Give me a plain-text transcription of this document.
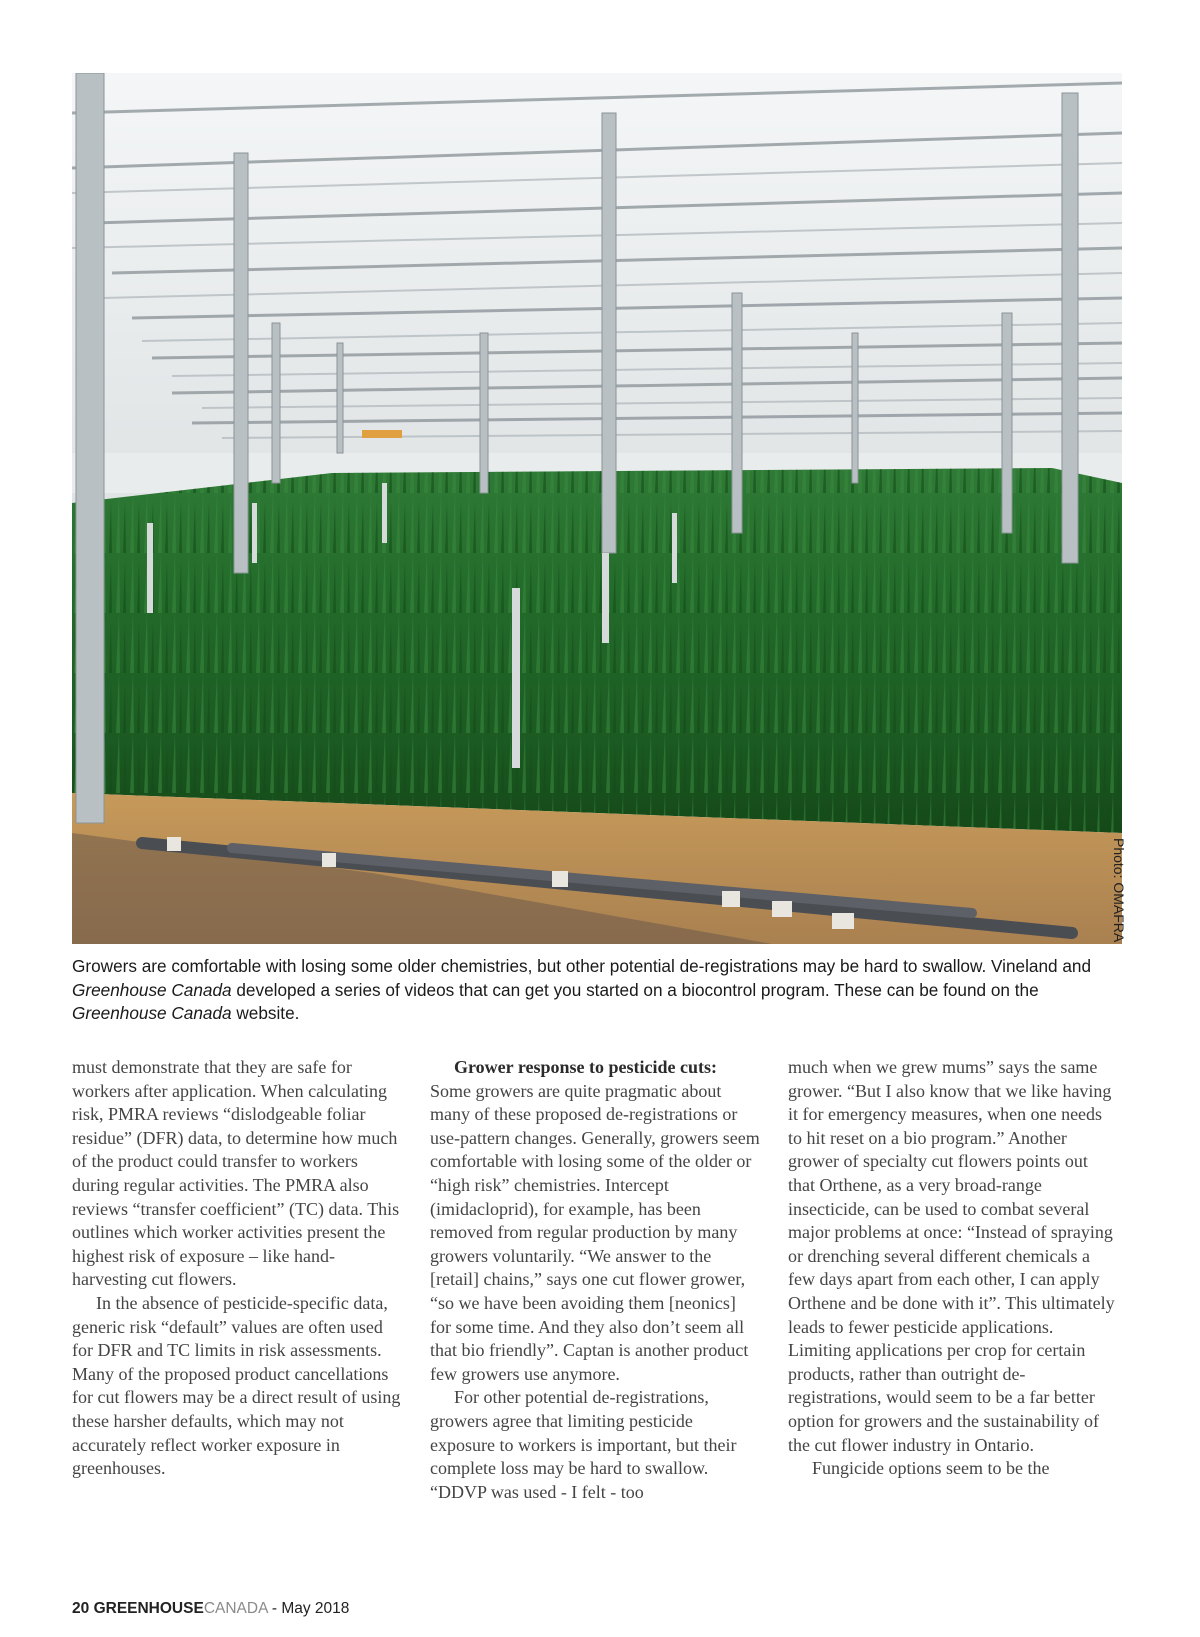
Photo: OMAFRA

Growers are comfortable with losing some older chemistries, but other potential de-registrations may be hard to swallow. Vineland and Greenhouse Canada developed a series of videos that can get you started on a biocontrol program. These can be found on the Greenhouse Canada website.

must demonstrate that they are safe for workers after application. When calculating risk, PMRA reviews “dislodgeable foliar residue” (DFR) data, to determine how much of the product could transfer to workers during regular activities. The PMRA also reviews “transfer coefficient” (TC) data. This outlines which worker activities present the highest risk of exposure – like hand-harvesting cut flowers.

In the absence of pesticide-specific data, generic risk “default” values are often used for DFR and TC limits in risk assessments. Many of the proposed product cancellations for cut flowers may be a direct result of using these harsher defaults, which may not accurately reflect worker exposure in greenhouses.

Grower response to pesticide cuts: Some growers are quite pragmatic about many of these proposed de-registrations or use-pattern changes. Generally, growers seem comfortable with losing some of the older or “high risk” chemistries. Intercept (imidacloprid), for example, has been removed from regular production by many growers voluntarily. “We answer to the [retail] chains,” says one cut flower grower, “so we have been avoiding them [neonics] for some time. And they also don’t seem all that bio friendly”. Captan is another product few growers use anymore.

For other potential de-registrations, growers agree that limiting pesticide exposure to workers is important, but their complete loss may be hard to swallow. “DDVP was used - I felt - too

much when we grew mums” says the same grower. “But I also know that we like having it for emergency measures, when one needs to hit reset on a bio program.” Another grower of specialty cut flowers points out that Orthene, as a very broad-range insecticide, can be used to combat several major problems at once: “Instead of spraying or drenching several different chemicals a few days apart from each other, I can apply Orthene and be done with it”. This ultimately leads to fewer pesticide applications. Limiting applications per crop for certain products, rather than outright de-registrations, would seem to be a far better option for growers and the sustainability of the cut flower industry in Ontario.

Fungicide options seem to be the

20 GREENHOUSECANADA - May 2018
